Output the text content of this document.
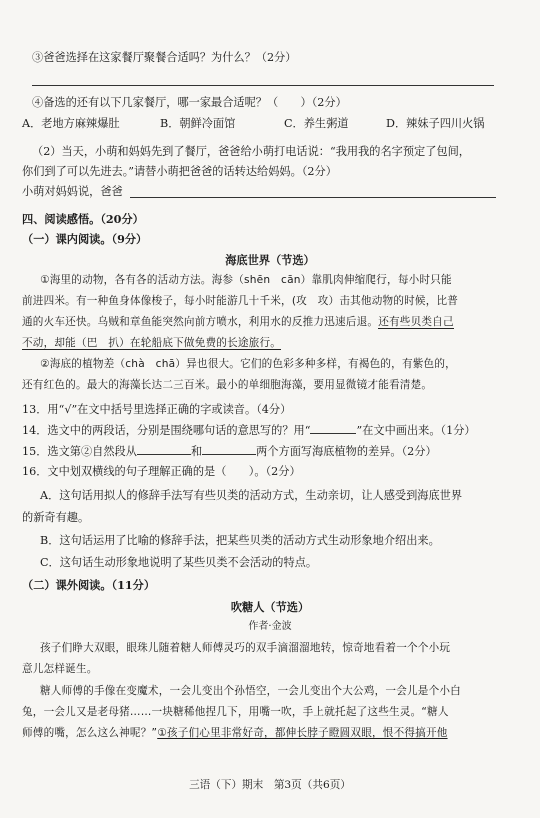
③爸爸选择在这家餐厅聚餐合适吗？为什么？（2分）
④备选的还有以下几家餐厅，哪一家最合适呢？（　　）（2分）
A．老地方麻辣爆肚	B．朝鲜冷面馆	C．养生粥道	D．辣妹子四川火锅
（2）当天，小萌和妈妈先到了餐厅，爸爸给小萌打电话说：“我用我的名字预定了包间，
你们到了可以先进去。”请替小萌把爸爸的话转达给妈妈。（2分）
小萌对妈妈说，爸爸
四、阅读感悟。（20分）
（一）课内阅读。（9分）
海底世界（节选）
①海里的动物，各有各的活动方法。海参（shēn　cān）靠肌肉伸缩爬行，每小时只能
前进四米。有一种鱼身体像梭子，每小时能游几十千米，(攻　攻）击其他动物的时候，比普
通的火车还快。乌贼和章鱼能突然向前方喷水，利用水的反推力迅速后退。还有些贝类自己
不动，却能（巴　扒）在轮船底下做免费的长途旅行。
②海底的植物差（chà　chā）异也很大。它们的色彩多种多样，有褐色的，有紫色的，
还有红色的。最大的海藻长达二三百米。最小的单细胞海藻，要用显微镜才能看清楚。
13．用“√”在文中括号里选择正确的字或读音。（4分）
14．选文中的两段话，分别是围绕哪句话的意思写的？用“	”在文中画出来。（1分）
15．选文第②自然段从	和	两个方面写海底植物的差异。（2分）
16．文中划双横线的句子理解正确的是（　　）。（2分）
A．这句话用拟人的修辞手法写有些贝类的活动方式，生动亲切，让人感受到海底世界
的新奇有趣。
B．这句话运用了比喻的修辞手法，把某些贝类的活动方式生动形象地介绍出来。
C．这句话生动形象地说明了某些贝类不会活动的特点。
（二）课外阅读。（11分）
吹糖人（节选）
作者·金波
孩子们睁大双眼，眼珠儿随着糖人师傅灵巧的双手滴溜溜地转，惊奇地看着一个个小玩
意儿怎样诞生。
糖人师傅的手像在变魔术，一会儿变出个孙悟空，一会儿变出个大公鸡，一会儿是个小白
兔，一会儿又是老母猪……一块糖稀他捏几下，用嘴一吹，手上就托起了这些生灵。“糖人
师傅的嘴，怎么这么神呢？”①孩子们心里非常好奇，都伸长脖子瞪圆双眼，恨不得搞开他
三语（下）期末　第3页（共6页）
